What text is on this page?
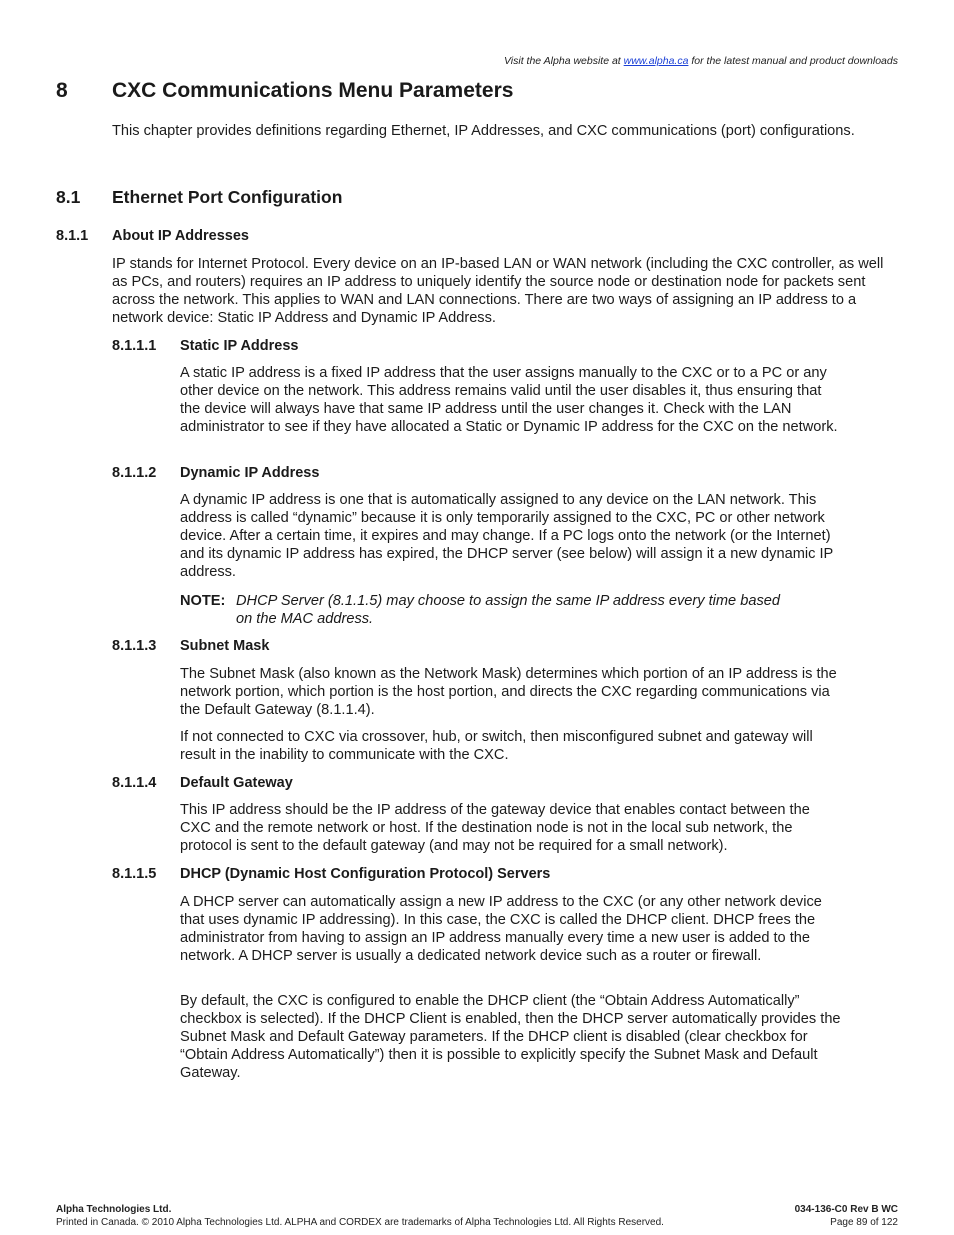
Visit the Alpha website at www.alpha.ca for the latest manual and product downloads
8 CXC Communications Menu Parameters
This chapter provides definitions regarding Ethernet, IP Addresses, and CXC communications (port) configurations.
8.1 Ethernet Port Configuration
8.1.1 About IP Addresses
IP stands for Internet Protocol. Every device on an IP-based LAN or WAN network (including the CXC controller, as well as PCs, and routers) requires an IP address to uniquely identify the source node or destination node for packets sent across the network. This applies to WAN and LAN connections. There are two ways of assigning an IP address to a network device: Static IP Address and Dynamic IP Address.
8.1.1.1 Static IP Address
A static IP address is a fixed IP address that the user assigns manually to the CXC or to a PC or any other device on the network. This address remains valid until the user disables it, thus ensuring that the device will always have that same IP address until the user changes it. Check with the LAN administrator to see if they have allocated a Static or Dynamic IP address for the CXC on the network.
8.1.1.2 Dynamic IP Address
A dynamic IP address is one that is automatically assigned to any device on the LAN network. This address is called “dynamic” because it is only temporarily assigned to the CXC, PC or other network device. After a certain time, it expires and may change. If a PC logs onto the network (or the Internet) and its dynamic IP address has expired, the DHCP server (see below) will assign it a new dynamic IP address.
NOTE: DHCP Server (8.1.1.5) may choose to assign the same IP address every time based on the MAC address.
8.1.1.3 Subnet Mask
The Subnet Mask (also known as the Network Mask) determines which portion of an IP address is the network portion, which portion is the host portion, and directs the CXC regarding communications via the Default Gateway (8.1.1.4).
If not connected to CXC via crossover, hub, or switch, then misconfigured subnet and gateway will result in the inability to communicate with the CXC.
8.1.1.4 Default Gateway
This IP address should be the IP address of the gateway device that enables contact between the CXC and the remote network or host. If the destination node is not in the local sub network, the protocol is sent to the default gateway (and may not be required for a small network).
8.1.1.5 DHCP (Dynamic Host Configuration Protocol) Servers
A DHCP server can automatically assign a new IP address to the CXC (or any other network device that uses dynamic IP addressing). In this case, the CXC is called the DHCP client. DHCP frees the administrator from having to assign an IP address manually every time a new user is added to the network. A DHCP server is usually a dedicated network device such as a router or firewall.
By default, the CXC is configured to enable the DHCP client (the “Obtain Address Automatically” checkbox is selected). If the DHCP Client is enabled, then the DHCP server automatically provides the Subnet Mask and Default Gateway parameters. If the DHCP client is disabled (clear checkbox for “Obtain Address Automatically”) then it is possible to explicitly specify the Subnet Mask and Default Gateway.
Alpha Technologies Ltd.
Printed in Canada. © 2010 Alpha Technologies Ltd. ALPHA and CORDEX are trademarks of Alpha Technologies Ltd. All Rights Reserved.
034-136-C0 Rev B WC
Page 89 of 122
